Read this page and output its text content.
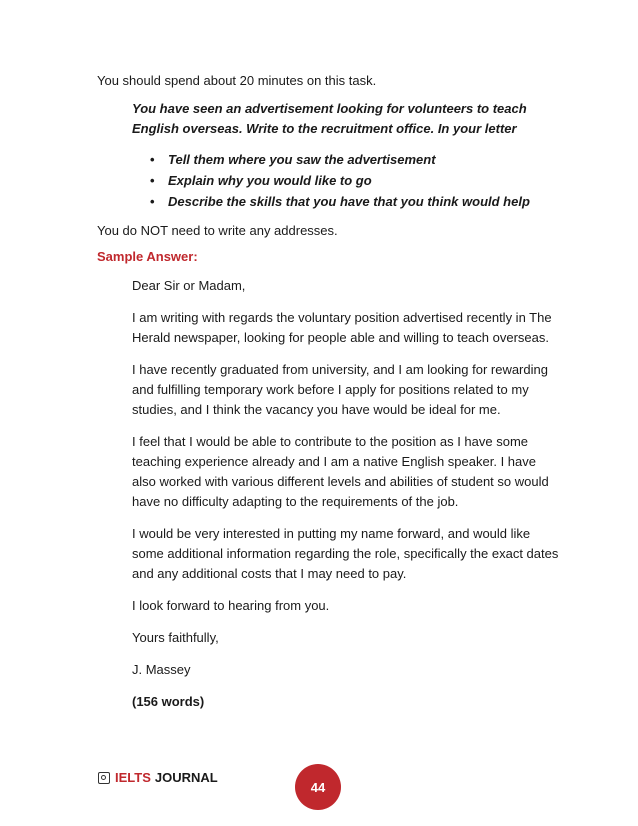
You should spend about 20 minutes on this task.

You have seen an advertisement looking for volunteers to teach English overseas. Write to the recruitment office. In your letter

• Tell them where you saw the advertisement
• Explain why you would like to go
• Describe the skills that you have that you think would help

You do NOT need to write any addresses.

Sample Answer:

Dear Sir or Madam,

I am writing with regards the voluntary position advertised recently in The Herald newspaper, looking for people able and willing to teach overseas.

I have recently graduated from university, and I am looking for rewarding and fulfilling temporary work before I apply for positions related to my studies, and I think the vacancy you have would be ideal for me.

I feel that I would be able to contribute to the position as I have some teaching experience already and I am a native English speaker. I have also worked with various different levels and abilities of student so would have no difficulty adapting to the requirements of the job.

I would be very interested in putting my name forward, and would like some additional information regarding the role, specifically the exact dates and any additional costs that I may need to pay.

I look forward to hearing from you.

Yours faithfully,

J. Massey

(156 words)

IELTS JOURNAL
44
